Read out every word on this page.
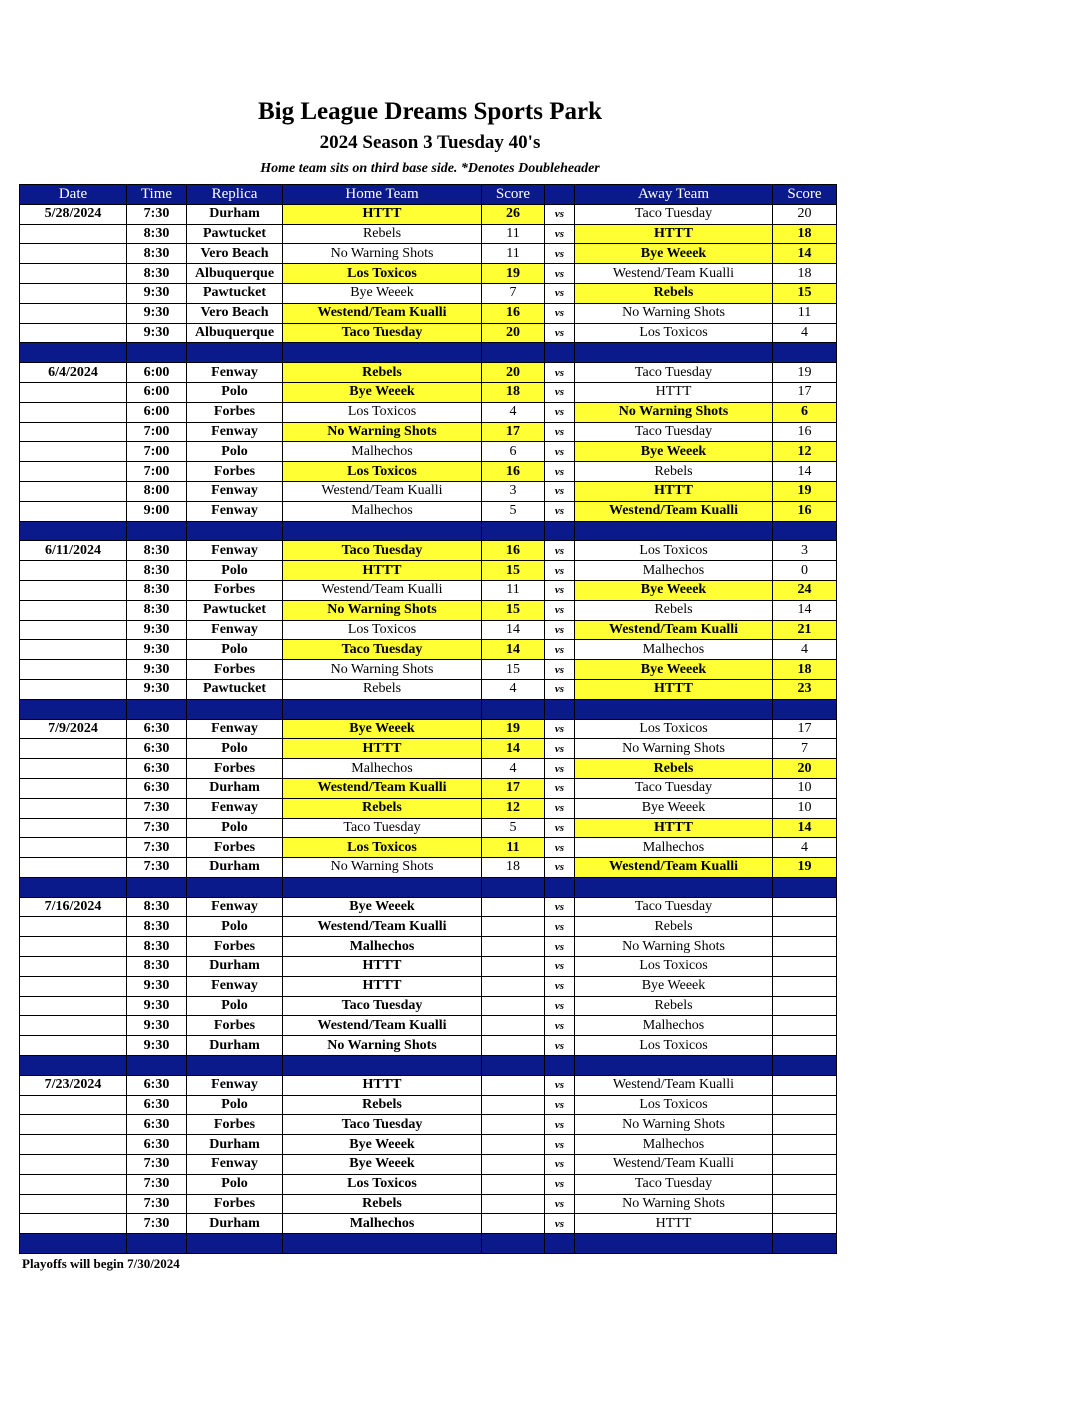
Big League Dreams Sports Park
2024 Season 3 Tuesday 40's
Home team sits on third base side. *Denotes Doubleheader
Date	Time	Replica	Home Team	Score		Away Team	Score
5/28/2024	7:30	Durham	HTTT	26	vs	Taco Tuesday	20
	8:30	Pawtucket	Rebels	11	vs	HTTT	18
	8:30	Vero Beach	No Warning Shots	11	vs	Bye Weeek	14
	8:30	Albuquerque	Los Toxicos	19	vs	Westend/Team Kualli	18
	9:30	Pawtucket	Bye Weeek	7	vs	Rebels	15
	9:30	Vero Beach	Westend/Team Kualli	16	vs	No Warning Shots	11
	9:30	Albuquerque	Taco Tuesday	20	vs	Los Toxicos	4

6/4/2024	6:00	Fenway	Rebels	20	vs	Taco Tuesday	19
	6:00	Polo	Bye Weeek	18	vs	HTTT	17
	6:00	Forbes	Los Toxicos	4	vs	No Warning Shots	6
	7:00	Fenway	No Warning Shots	17	vs	Taco Tuesday	16
	7:00	Polo	Malhechos	6	vs	Bye Weeek	12
	7:00	Forbes	Los Toxicos	16	vs	Rebels	14
	8:00	Fenway	Westend/Team Kualli	3	vs	HTTT	19
	9:00	Fenway	Malhechos	5	vs	Westend/Team Kualli	16

6/11/2024	8:30	Fenway	Taco Tuesday	16	vs	Los Toxicos	3
	8:30	Polo	HTTT	15	vs	Malhechos	0
	8:30	Forbes	Westend/Team Kualli	11	vs	Bye Weeek	24
	8:30	Pawtucket	No Warning Shots	15	vs	Rebels	14
	9:30	Fenway	Los Toxicos	14	vs	Westend/Team Kualli	21
	9:30	Polo	Taco Tuesday	14	vs	Malhechos	4
	9:30	Forbes	No Warning Shots	15	vs	Bye Weeek	18
	9:30	Pawtucket	Rebels	4	vs	HTTT	23

7/9/2024	6:30	Fenway	Bye Weeek	19	vs	Los Toxicos	17
	6:30	Polo	HTTT	14	vs	No Warning Shots	7
	6:30	Forbes	Malhechos	4	vs	Rebels	20
	6:30	Durham	Westend/Team Kualli	17	vs	Taco Tuesday	10
	7:30	Fenway	Rebels	12	vs	Bye Weeek	10
	7:30	Polo	Taco Tuesday	5	vs	HTTT	14
	7:30	Forbes	Los Toxicos	11	vs	Malhechos	4
	7:30	Durham	No Warning Shots	18	vs	Westend/Team Kualli	19

7/16/2024	8:30	Fenway	Bye Weeek		vs	Taco Tuesday	
	8:30	Polo	Westend/Team Kualli		vs	Rebels	
	8:30	Forbes	Malhechos		vs	No Warning Shots	
	8:30	Durham	HTTT		vs	Los Toxicos	
	9:30	Fenway	HTTT		vs	Bye Weeek	
	9:30	Polo	Taco Tuesday		vs	Rebels	
	9:30	Forbes	Westend/Team Kualli		vs	Malhechos	
	9:30	Durham	No Warning Shots		vs	Los Toxicos	

7/23/2024	6:30	Fenway	HTTT		vs	Westend/Team Kualli	
	6:30	Polo	Rebels		vs	Los Toxicos	
	6:30	Forbes	Taco Tuesday		vs	No Warning Shots	
	6:30	Durham	Bye Weeek		vs	Malhechos	
	7:30	Fenway	Bye Weeek		vs	Westend/Team Kualli	
	7:30	Polo	Los Toxicos		vs	Taco Tuesday	
	7:30	Forbes	Rebels		vs	No Warning Shots	
	7:30	Durham	Malhechos		vs	HTTT	

Playoffs will begin 7/30/2024
